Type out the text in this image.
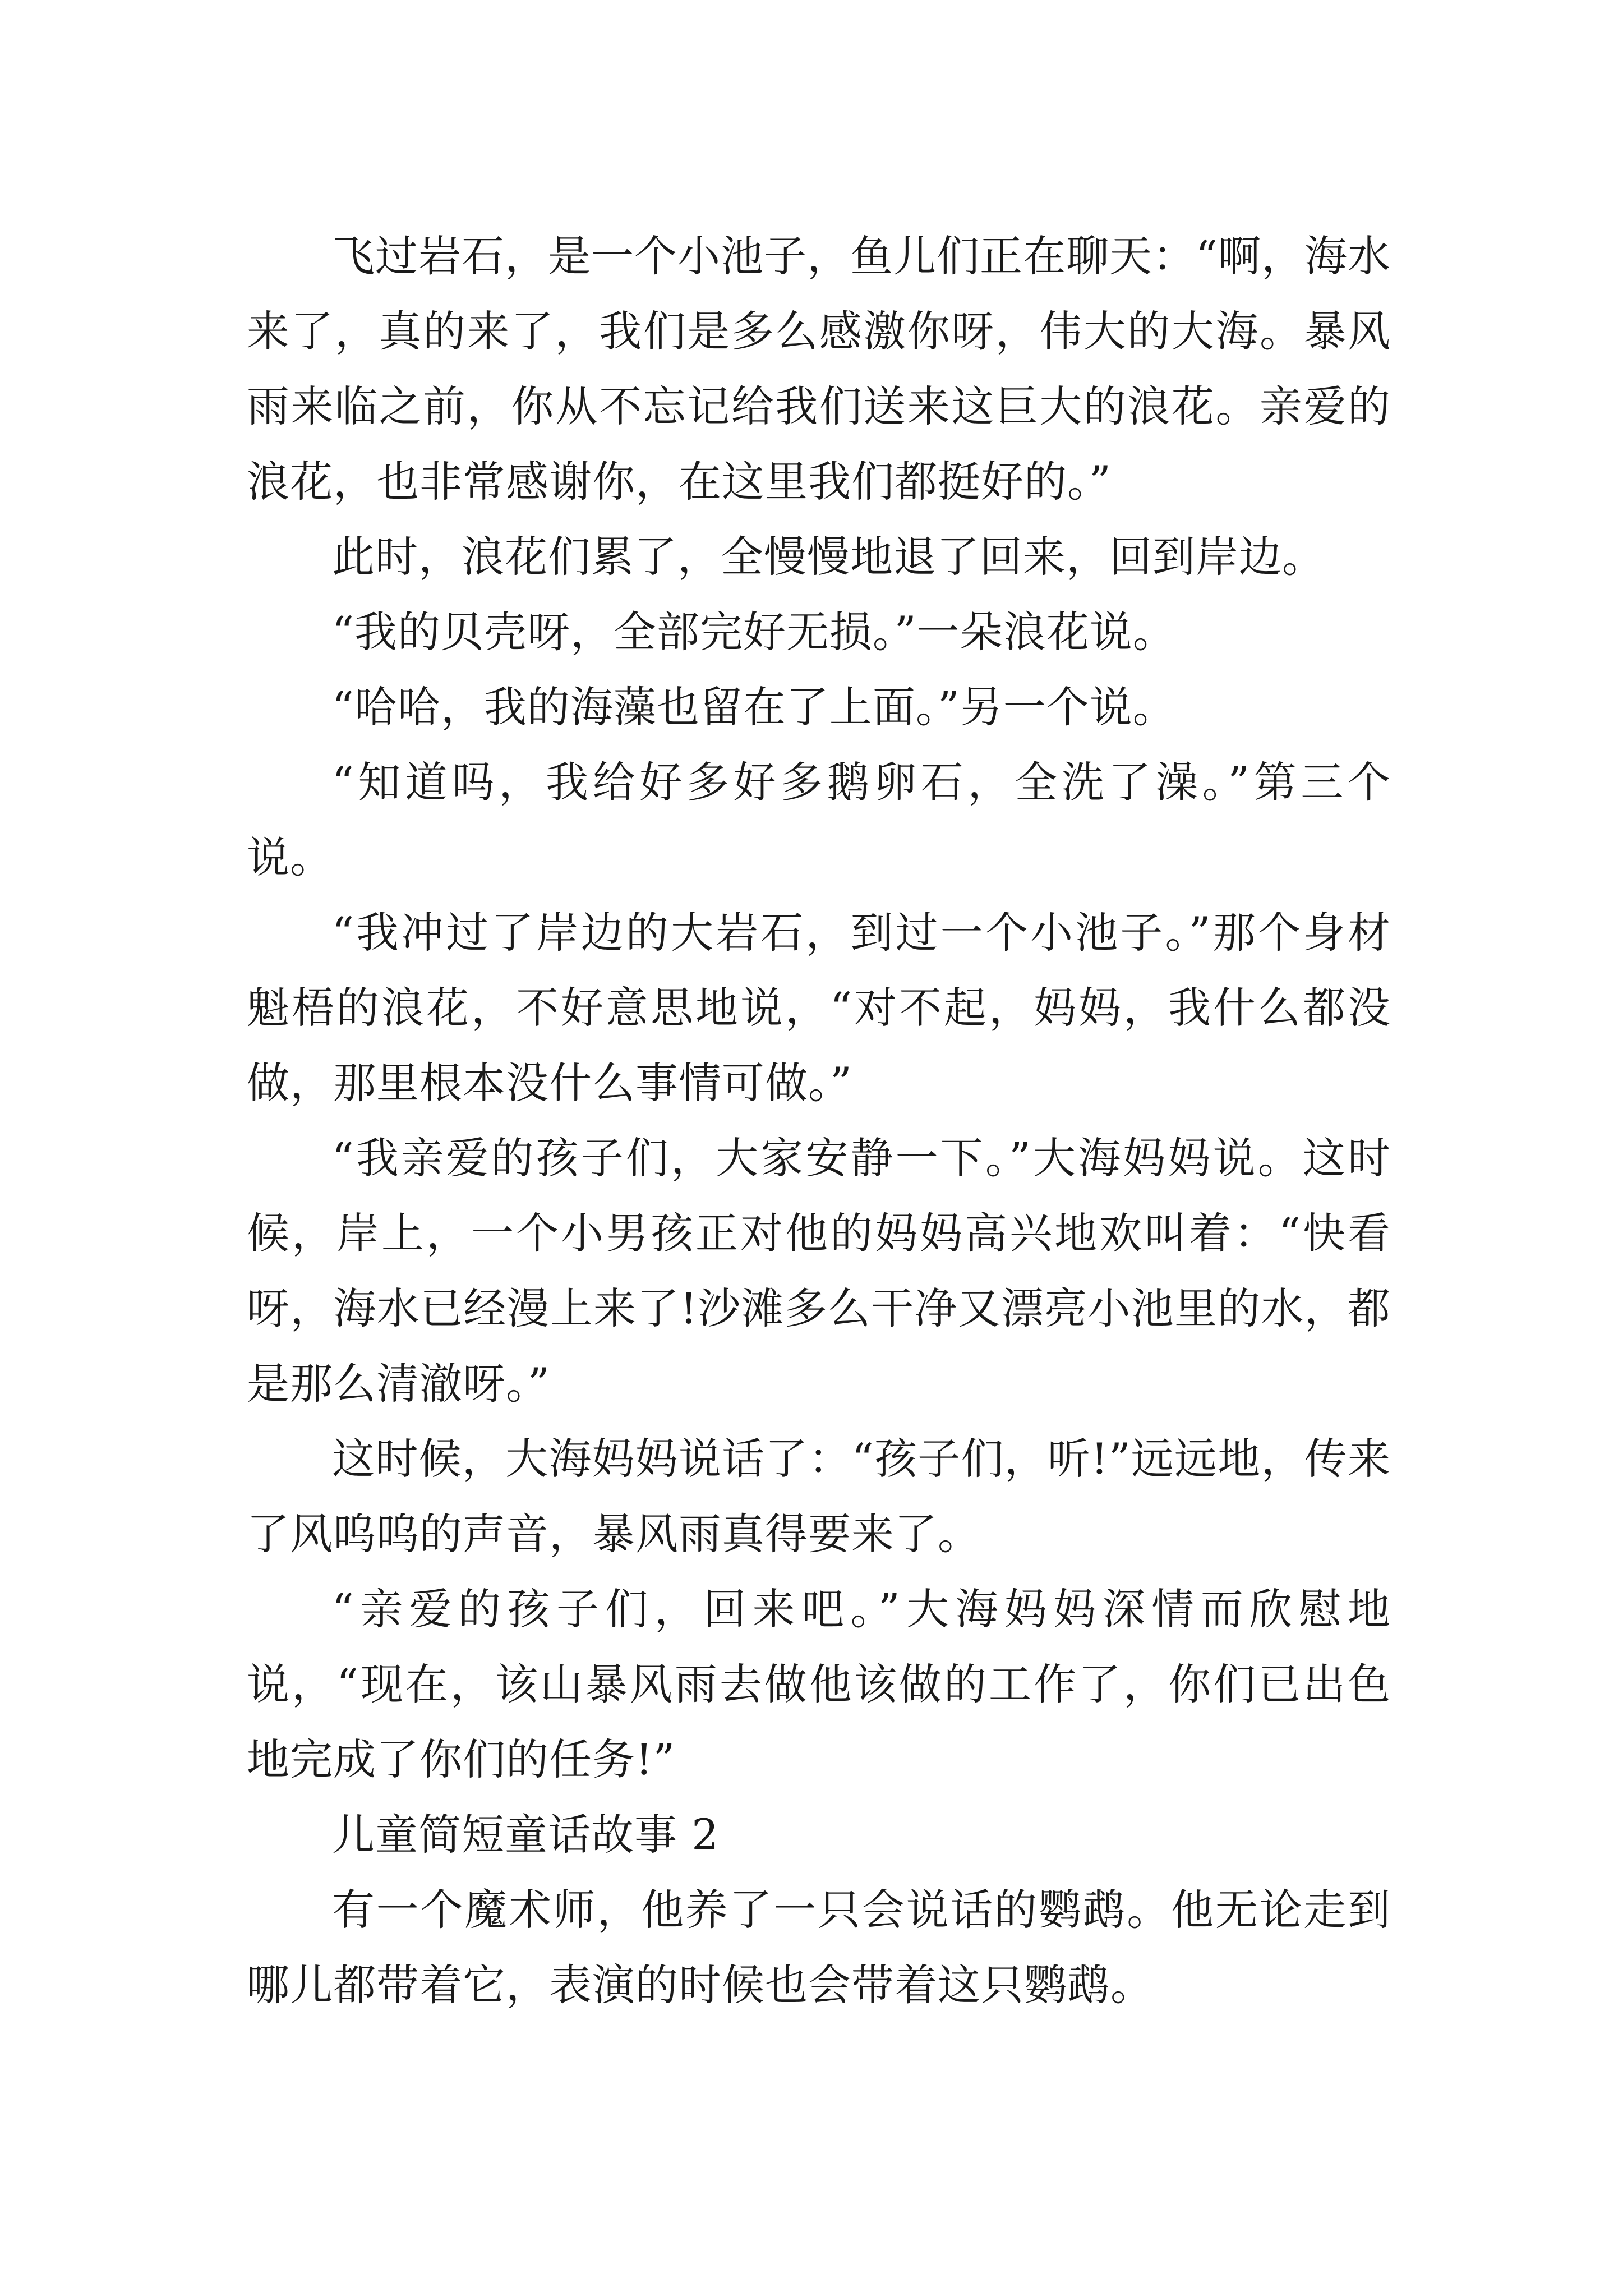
飞过岩石，是一个小池子，鱼儿们正在聊天：“啊，海水来了，真的来了，我们是多么感激你呀，伟大的大海。暴风雨来临之前，你从不忘记给我们送来这巨大的浪花。亲爱的浪花，也非常感谢你，在这里我们都挺好的。”

此时，浪花们累了，全慢慢地退了回来，回到岸边。

“我的贝壳呀，全部完好无损。”一朵浪花说。

“哈哈，我的海藻也留在了上面。”另一个说。

“知道吗，我给好多好多鹅卵石，全洗了澡。”第三个说。

“我冲过了岸边的大岩石，到过一个小池子。”那个身材魁梧的浪花，不好意思地说，“对不起，妈妈，我什么都没做，那里根本没什么事情可做。”

“我亲爱的孩子们，大家安静一下。”大海妈妈说。这时候，岸上，一个小男孩正对他的妈妈高兴地欢叫着：“快看呀，海水已经漫上来了!沙滩多么干净又漂亮小池里的水，都是那么清澈呀。”

这时候，大海妈妈说话了：“孩子们，听!”远远地，传来了风呜呜的声音，暴风雨真得要来了。

“亲爱的孩子们，回来吧。”大海妈妈深情而欣慰地说，“现在，该山暴风雨去做他该做的工作了，你们已出色地完成了你们的任务!”

儿童简短童话故事 2

有一个魔术师，他养了一只会说话的鹦鹉。他无论走到哪儿都带着它，表演的时候也会带着这只鹦鹉。
